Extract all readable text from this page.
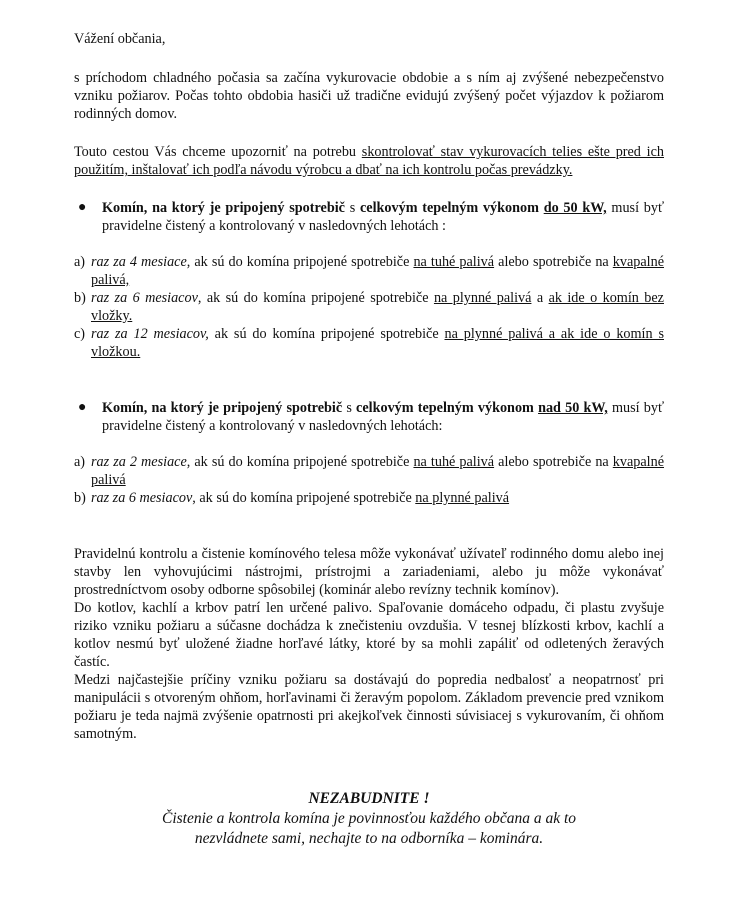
Vážení občania,

s príchodom chladného počasia sa začína vykurovacie obdobie a s ním aj zvýšené nebezpečenstvo vzniku požiarov. Počas tohto obdobia hasiči už tradične evidujú zvýšený počet výjazdov k požiarom rodinných domov.

Touto cestou Vás chceme upozorniť na potrebu skontrolovať stav vykurovacích telies ešte pred ich použitím, inštalovať ich podľa návodu výrobcu a dbať na ich kontrolu počas prevádzky.

● Komín, na ktorý je pripojený spotrebič s celkovým tepelným výkonom do 50 kW, musí byť pravidelne čistený a kontrolovaný v nasledovných lehotách :

a) raz za 4 mesiace, ak sú do komína pripojené spotrebiče na tuhé palivá alebo spotrebiče na kvapalné palivá,

b) raz za 6 mesiacov, ak sú do komína pripojené spotrebiče na plynné palivá a ak ide o komín bez vložky.

c) raz za 12 mesiacov, ak sú do komína pripojené spotrebiče na plynné palivá a ak ide o komín s vložkou.

● Komín, na ktorý je pripojený spotrebič s celkovým tepelným výkonom nad 50 kW, musí byť pravidelne čistený a kontrolovaný v nasledovných lehotách:

a) raz za 2 mesiace, ak sú do komína pripojené spotrebiče na tuhé palivá alebo spotrebiče na kvapalné palivá

b) raz za 6 mesiacov, ak sú do komína pripojené spotrebiče na plynné palivá

Pravidelnú kontrolu a čistenie komínového telesa môže vykonávať užívateľ rodinného domu alebo inej stavby len vyhovujúcimi nástrojmi, prístrojmi a zariadeniami, alebo ju môže vykonávať prostredníctvom osoby odborne spôsobilej (kominár alebo revízny technik komínov).

Do kotlov, kachlí a krbov patrí len určené palivo. Spaľovanie domáceho odpadu, či plastu zvyšuje riziko vzniku požiaru a súčasne dochádza k znečisteniu ovzdušia. V tesnej blízkosti krbov, kachlí a kotlov nesmú byť uložené žiadne horľavé látky, ktoré by sa mohli zapáliť od odletených žeravých častíc.

Medzi najčastejšie príčiny vzniku požiaru sa dostávajú do popredia nedbalosť a neopatrnosť pri manipulácii s otvoreným ohňom, horľavinami či žeravým popolom. Základom prevencie pred vznikom požiaru je teda najmä zvýšenie opatrnosti pri akejkoľvek činnosti súvisiacej s vykurovaním, či ohňom samotným.

NEZABUDNITE !
Čistenie a kontrola komína je povinnosťou každého občana a ak to
nezvládnete sami, nechajte to na odborníka – kominára.
